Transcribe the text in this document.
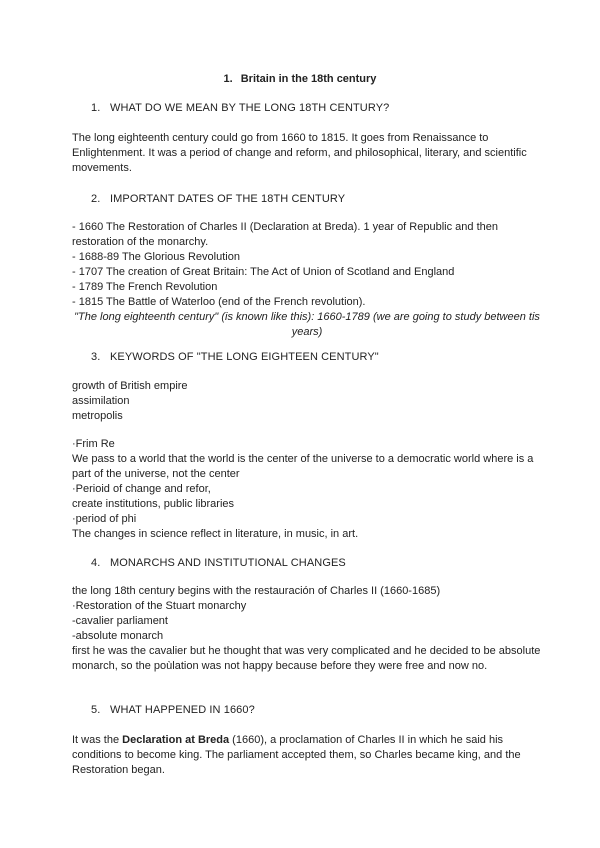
1. Britain in the 18th century
1. WHAT DO WE MEAN BY THE LONG 18TH CENTURY?

The long eighteenth century could go from 1660 to 1815. It goes from Renaissance to Enlightenment. It was a period of change and reform, and philosophical, literary, and scientific movements.

2. IMPORTANT DATES OF THE 18TH CENTURY

- 1660 The Restoration of Charles II (Declaration at Breda). 1 year of Republic and then restoration of the monarchy.

- 1688-89 The Glorious Revolution

- 1707 The creation of Great Britain: The Act of Union of Scotland and England

- 1789 The French Revolution

- 1815 The Battle of Waterloo (end of the French revolution).

"The long eighteenth century" (is known like this): 1660-1789 (we are going to study between tis years)

3. KEYWORDS OF "THE LONG EIGHTEEN CENTURY"

growth of British empire

assimilation

metropolis

·Frim Re

We pass to a world that the world is the center of the universe to a democratic world where is a part of the universe, not the center

·Perioid of change and refor,

create institutions, public libraries

·period of phi

The changes in science reflect in literature, in music, in art.

4. MONARCHS AND INSTITUTIONAL CHANGES

the long 18th century begins with the restauración of Charles II (1660-1685)

·Restoration of the Stuart monarchy

-cavalier parliament

-absolute monarch

first he was the cavalier but he thought that was very complicated and he decided to be absolute monarch, so the poùlation was not happy because before they were free and now no.

5. WHAT HAPPENED IN 1660?

It was the Declaration at Breda (1660), a proclamation of Charles II in which he said his conditions to become king. The parliament accepted them, so Charles became king, and the Restoration began.
